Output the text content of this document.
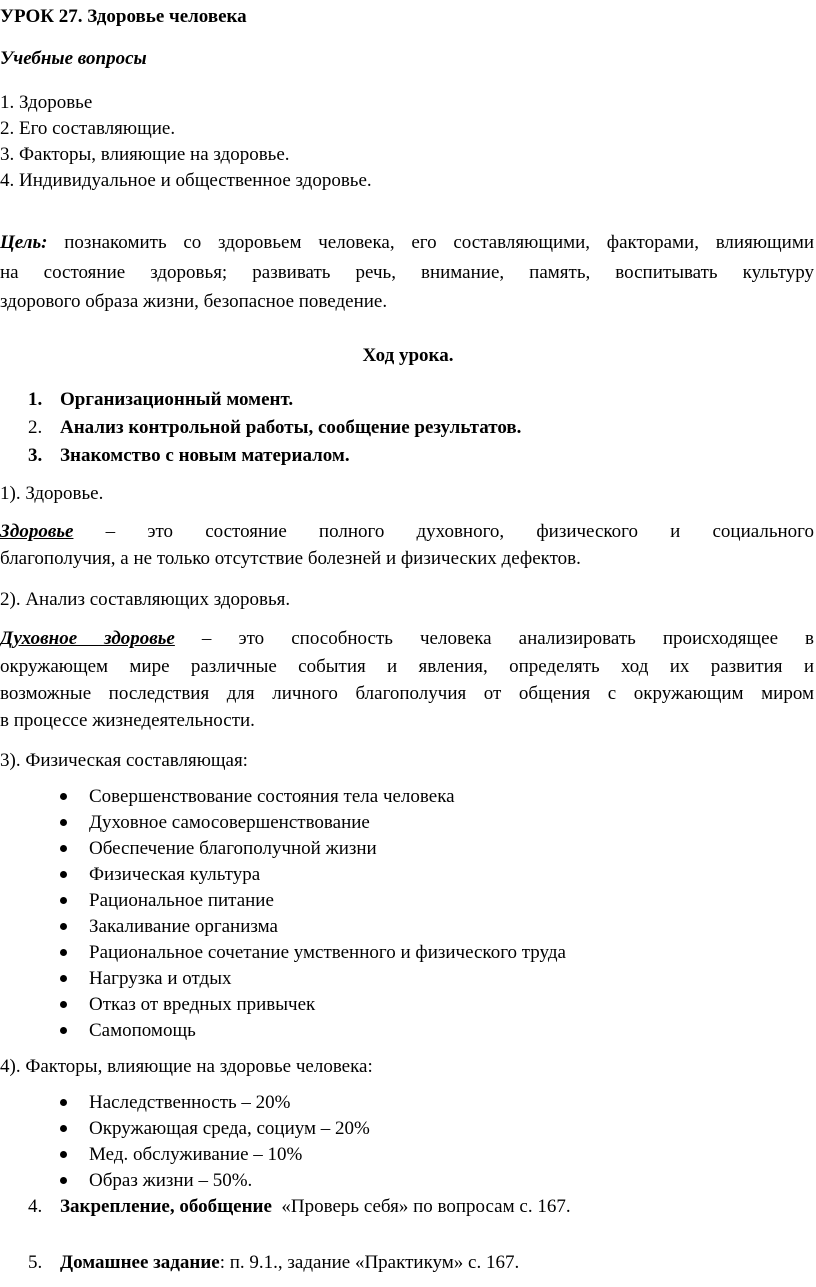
УРОК 27. Здоровье человека
Учебные вопросы
1. Здоровье
2. Его составляющие.
3. Факторы, влияющие на здоровье.
4. Индивидуальное и общественное здоровье.
Цель: познакомить со здоровьем человека, его составляющими, факторами, влияющими
на состояние здоровья; развивать речь, внимание, память, воспитывать культуру
здорового образа жизни, безопасное поведение.
Ход урока.
1. Организационный момент.
2. Анализ контрольной работы, сообщение результатов.
3. Знакомство с новым материалом.
1). Здоровье.
Здоровье – это состояние полного духовного, физического и социального
благополучия, а не только отсутствие болезней и физических дефектов.
2). Анализ составляющих здоровья.
Духовное здоровье – это способность человека анализировать происходящее в
окружающем мире различные события и явления, определять ход их развития и
возможные последствия для личного благополучия от общения с окружающим миром
в процессе жизнедеятельности.
3). Физическая составляющая:
Совершенствование состояния тела человека
Духовное самосовершенствование
Обеспечение благополучной жизни
Физическая культура
Рациональное питание
Закаливание организма
Рациональное сочетание умственного и физического труда
Нагрузка и отдых
Отказ от вредных привычек
Самопомощь
4). Факторы, влияющие на здоровье человека:
Наследственность – 20%
Окружающая среда, социум – 20%
Мед. обслуживание – 10%
Образ жизни – 50%.
4. Закрепление, обобщение  «Проверь себя» по вопросам с. 167.
5. Домашнее задание: п. 9.1., задание «Практикум» с. 167.
